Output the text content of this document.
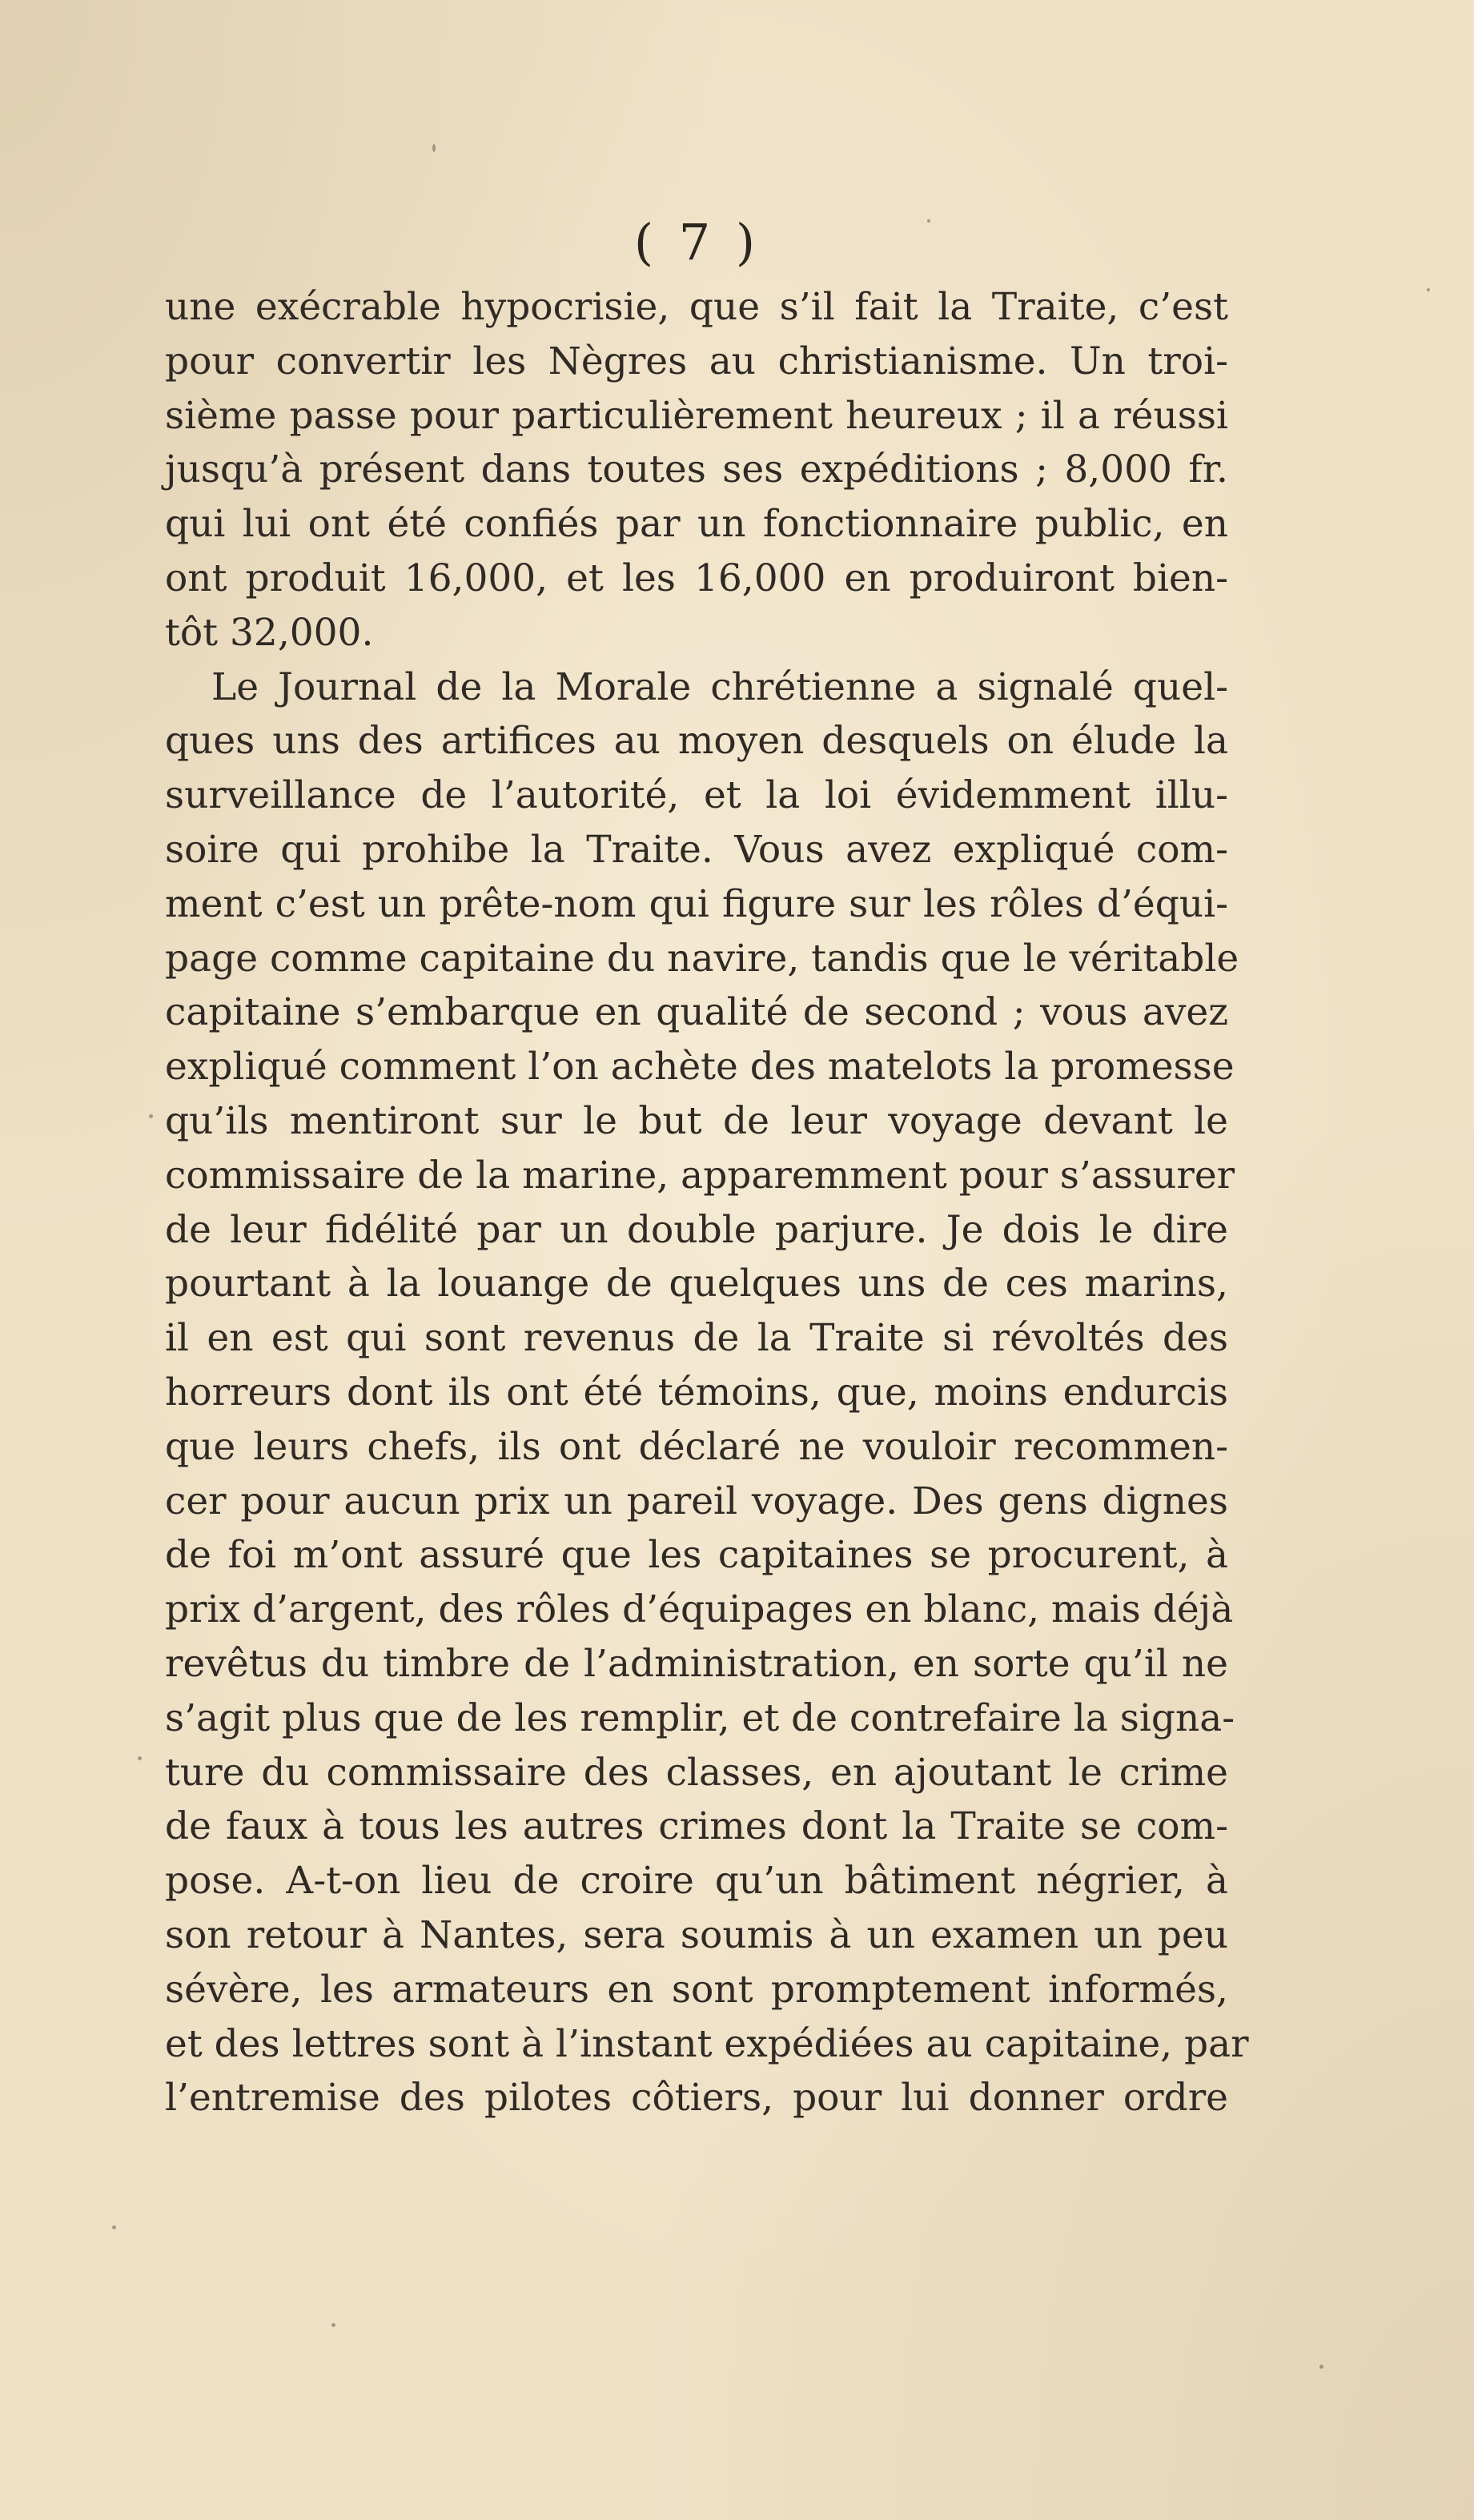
( 7 )
une exécrable hypocrisie, que s’il fait la Traite, c’est
pour convertir les Nègres au christianisme. Un troi-
sième passe pour particulièrement heureux ; il a réussi
jusqu’à présent dans toutes ses expéditions ; 8,000 fr.
qui lui ont été confiés par un fonctionnaire public, en
ont produit 16,000, et les 16,000 en produiront bien-
tôt 32,000.
Le Journal de la Morale chrétienne a signalé quel-
ques uns des artifices au moyen desquels on élude la
surveillance de l’autorité, et la loi évidemment illu-
soire qui prohibe la Traite. Vous avez expliqué com-
ment c’est un prête-nom qui figure sur les rôles d’équi-
page comme capitaine du navire, tandis que le véritable
capitaine s’embarque en qualité de second ; vous avez
expliqué comment l’on achète des matelots la promesse
qu’ils mentiront sur le but de leur voyage devant le
commissaire de la marine, apparemment pour s’assurer
de leur fidélité par un double parjure. Je dois le dire
pourtant à la louange de quelques uns de ces marins,
il en est qui sont revenus de la Traite si révoltés des
horreurs dont ils ont été témoins, que, moins endurcis
que leurs chefs, ils ont déclaré ne vouloir recommen-
cer pour aucun prix un pareil voyage. Des gens dignes
de foi m’ont assuré que les capitaines se procurent, à
prix d’argent, des rôles d’équipages en blanc, mais déjà
revêtus du timbre de l’administration, en sorte qu’il ne
s’agit plus que de les remplir, et de contrefaire la signa-
ture du commissaire des classes, en ajoutant le crime
de faux à tous les autres crimes dont la Traite se com-
pose. A-t-on lieu de croire qu’un bâtiment négrier, à
son retour à Nantes, sera soumis à un examen un peu
sévère, les armateurs en sont promptement informés,
et des lettres sont à l’instant expédiées au capitaine, par
l’entremise des pilotes côtiers, pour lui donner ordre
